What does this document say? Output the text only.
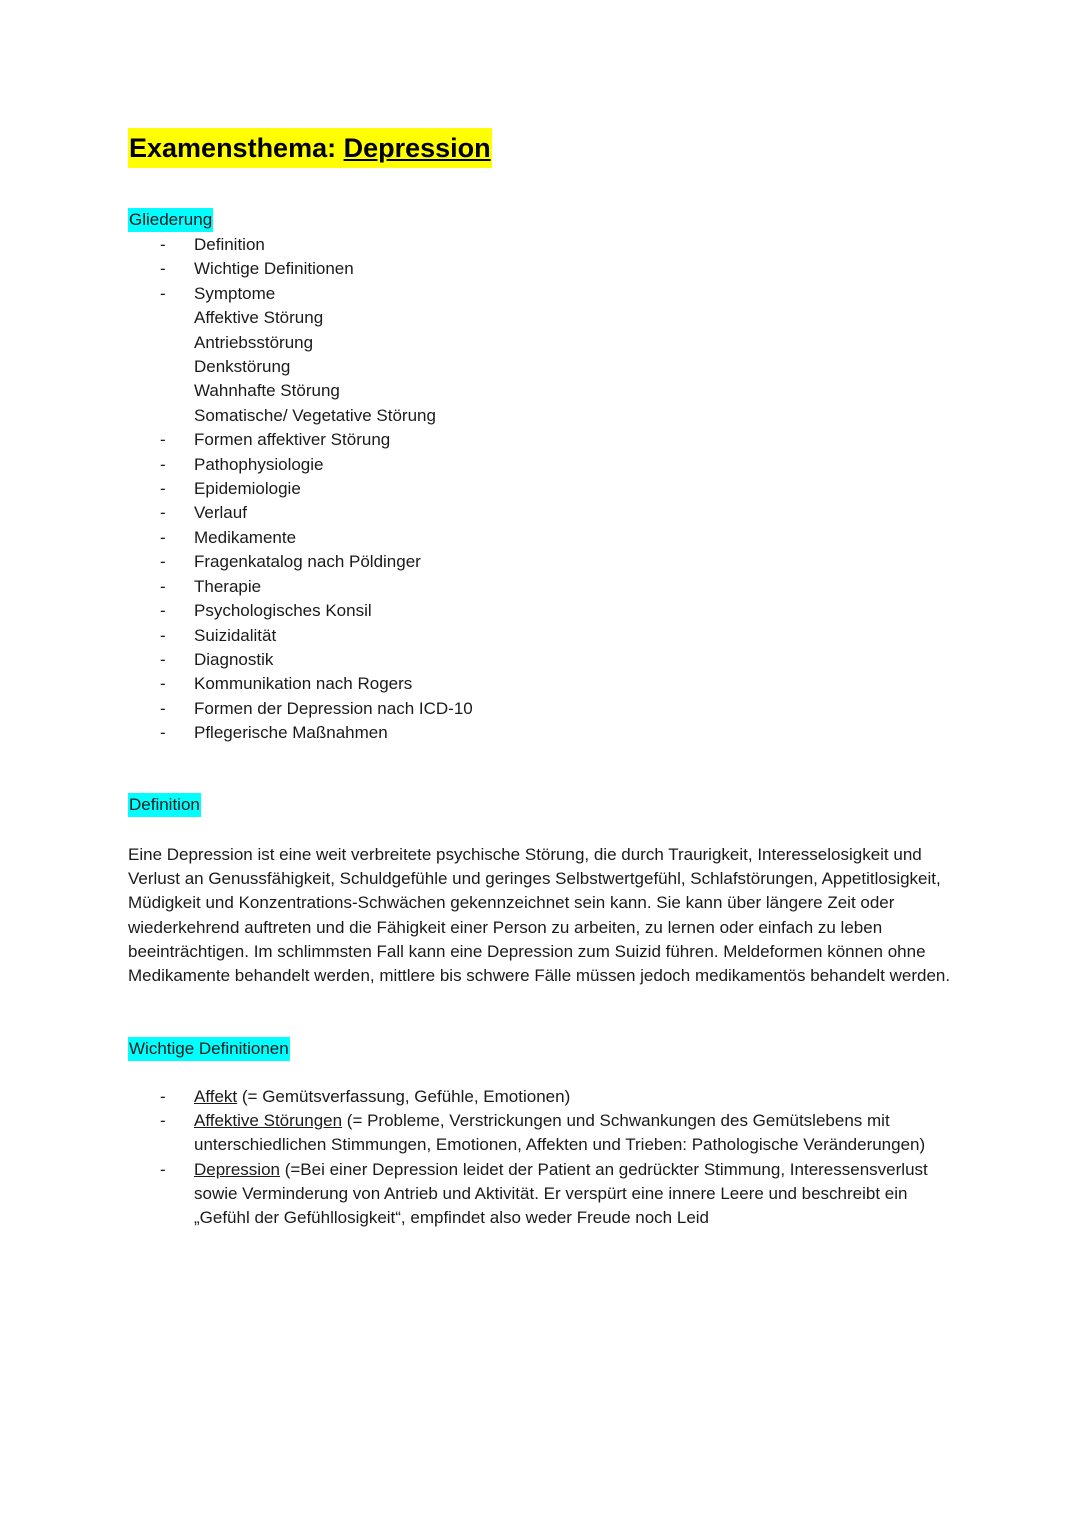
Examensthema: Depression
Gliederung
- Definition
- Wichtige Definitionen
- Symptome
Affektive Störung
Antriebsstörung
Denkstörung
Wahnhafte Störung
Somatische/ Vegetative Störung
- Formen affektiver Störung
- Pathophysiologie
- Epidemiologie
- Verlauf
- Medikamente
- Fragenkatalog nach Pöldinger
- Therapie
- Psychologisches Konsil
- Suizidalität
- Diagnostik
- Kommunikation nach Rogers
- Formen der Depression nach ICD-10
- Pflegerische Maßnahmen
Definition

Eine Depression ist eine weit verbreitete psychische Störung, die durch Traurigkeit, Interesselosigkeit und Verlust an Genussfähigkeit, Schuldgefühle und geringes Selbstwertgefühl, Schlafstörungen, Appetitlosigkeit, Müdigkeit und Konzentrations-Schwächen gekennzeichnet sein kann. Sie kann über längere Zeit oder wiederkehrend auftreten und die Fähigkeit einer Person zu arbeiten, zu lernen oder einfach zu leben beeinträchtigen. Im schlimmsten Fall kann eine Depression zum Suizid führen. Meldeformen können ohne Medikamente behandelt werden, mittlere bis schwere Fälle müssen jedoch medikamentös behandelt werden.

Wichtige Definitionen
- Affekt (= Gemütsverfassung, Gefühle, Emotionen)
- Affektive Störungen (= Probleme, Verstrickungen und Schwankungen des Gemütslebens mit unterschiedlichen Stimmungen, Emotionen, Affekten und Trieben: Pathologische Veränderungen)
- Depression (=Bei einer Depression leidet der Patient an gedrückter Stimmung, Interessensverlust sowie Verminderung von Antrieb und Aktivität. Er verspürt eine innere Leere und beschreibt ein „Gefühl der Gefühllosigkeit“, empfindet also weder Freude noch Leid
